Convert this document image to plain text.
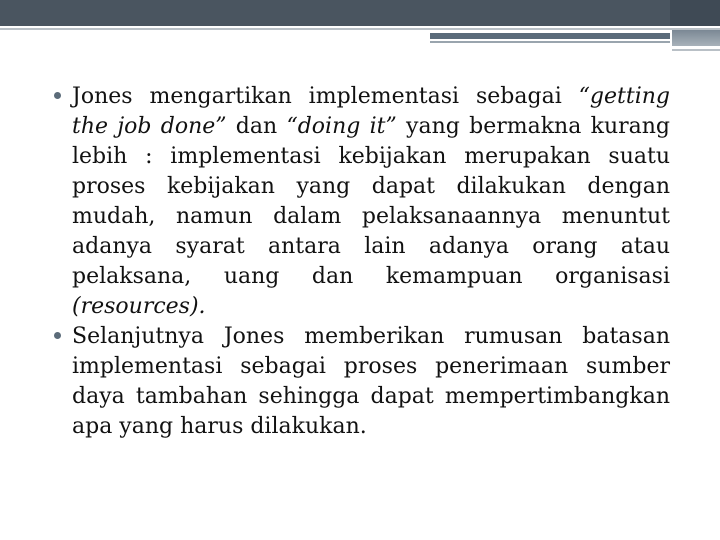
Jones mengartikan implementasi sebagai “getting the job done” dan “doing it” yang bermakna kurang lebih : implementasi kebijakan merupakan suatu proses kebijakan yang dapat dilakukan dengan mudah, namun dalam pelaksanaannya menuntut adanya syarat antara lain adanya orang atau pelaksana, uang dan kemampuan organisasi (resources).

Selanjutnya Jones memberikan rumusan batasan implementasi sebagai proses penerimaan sumber daya tambahan sehingga dapat mempertimbangkan apa yang harus dilakukan.
